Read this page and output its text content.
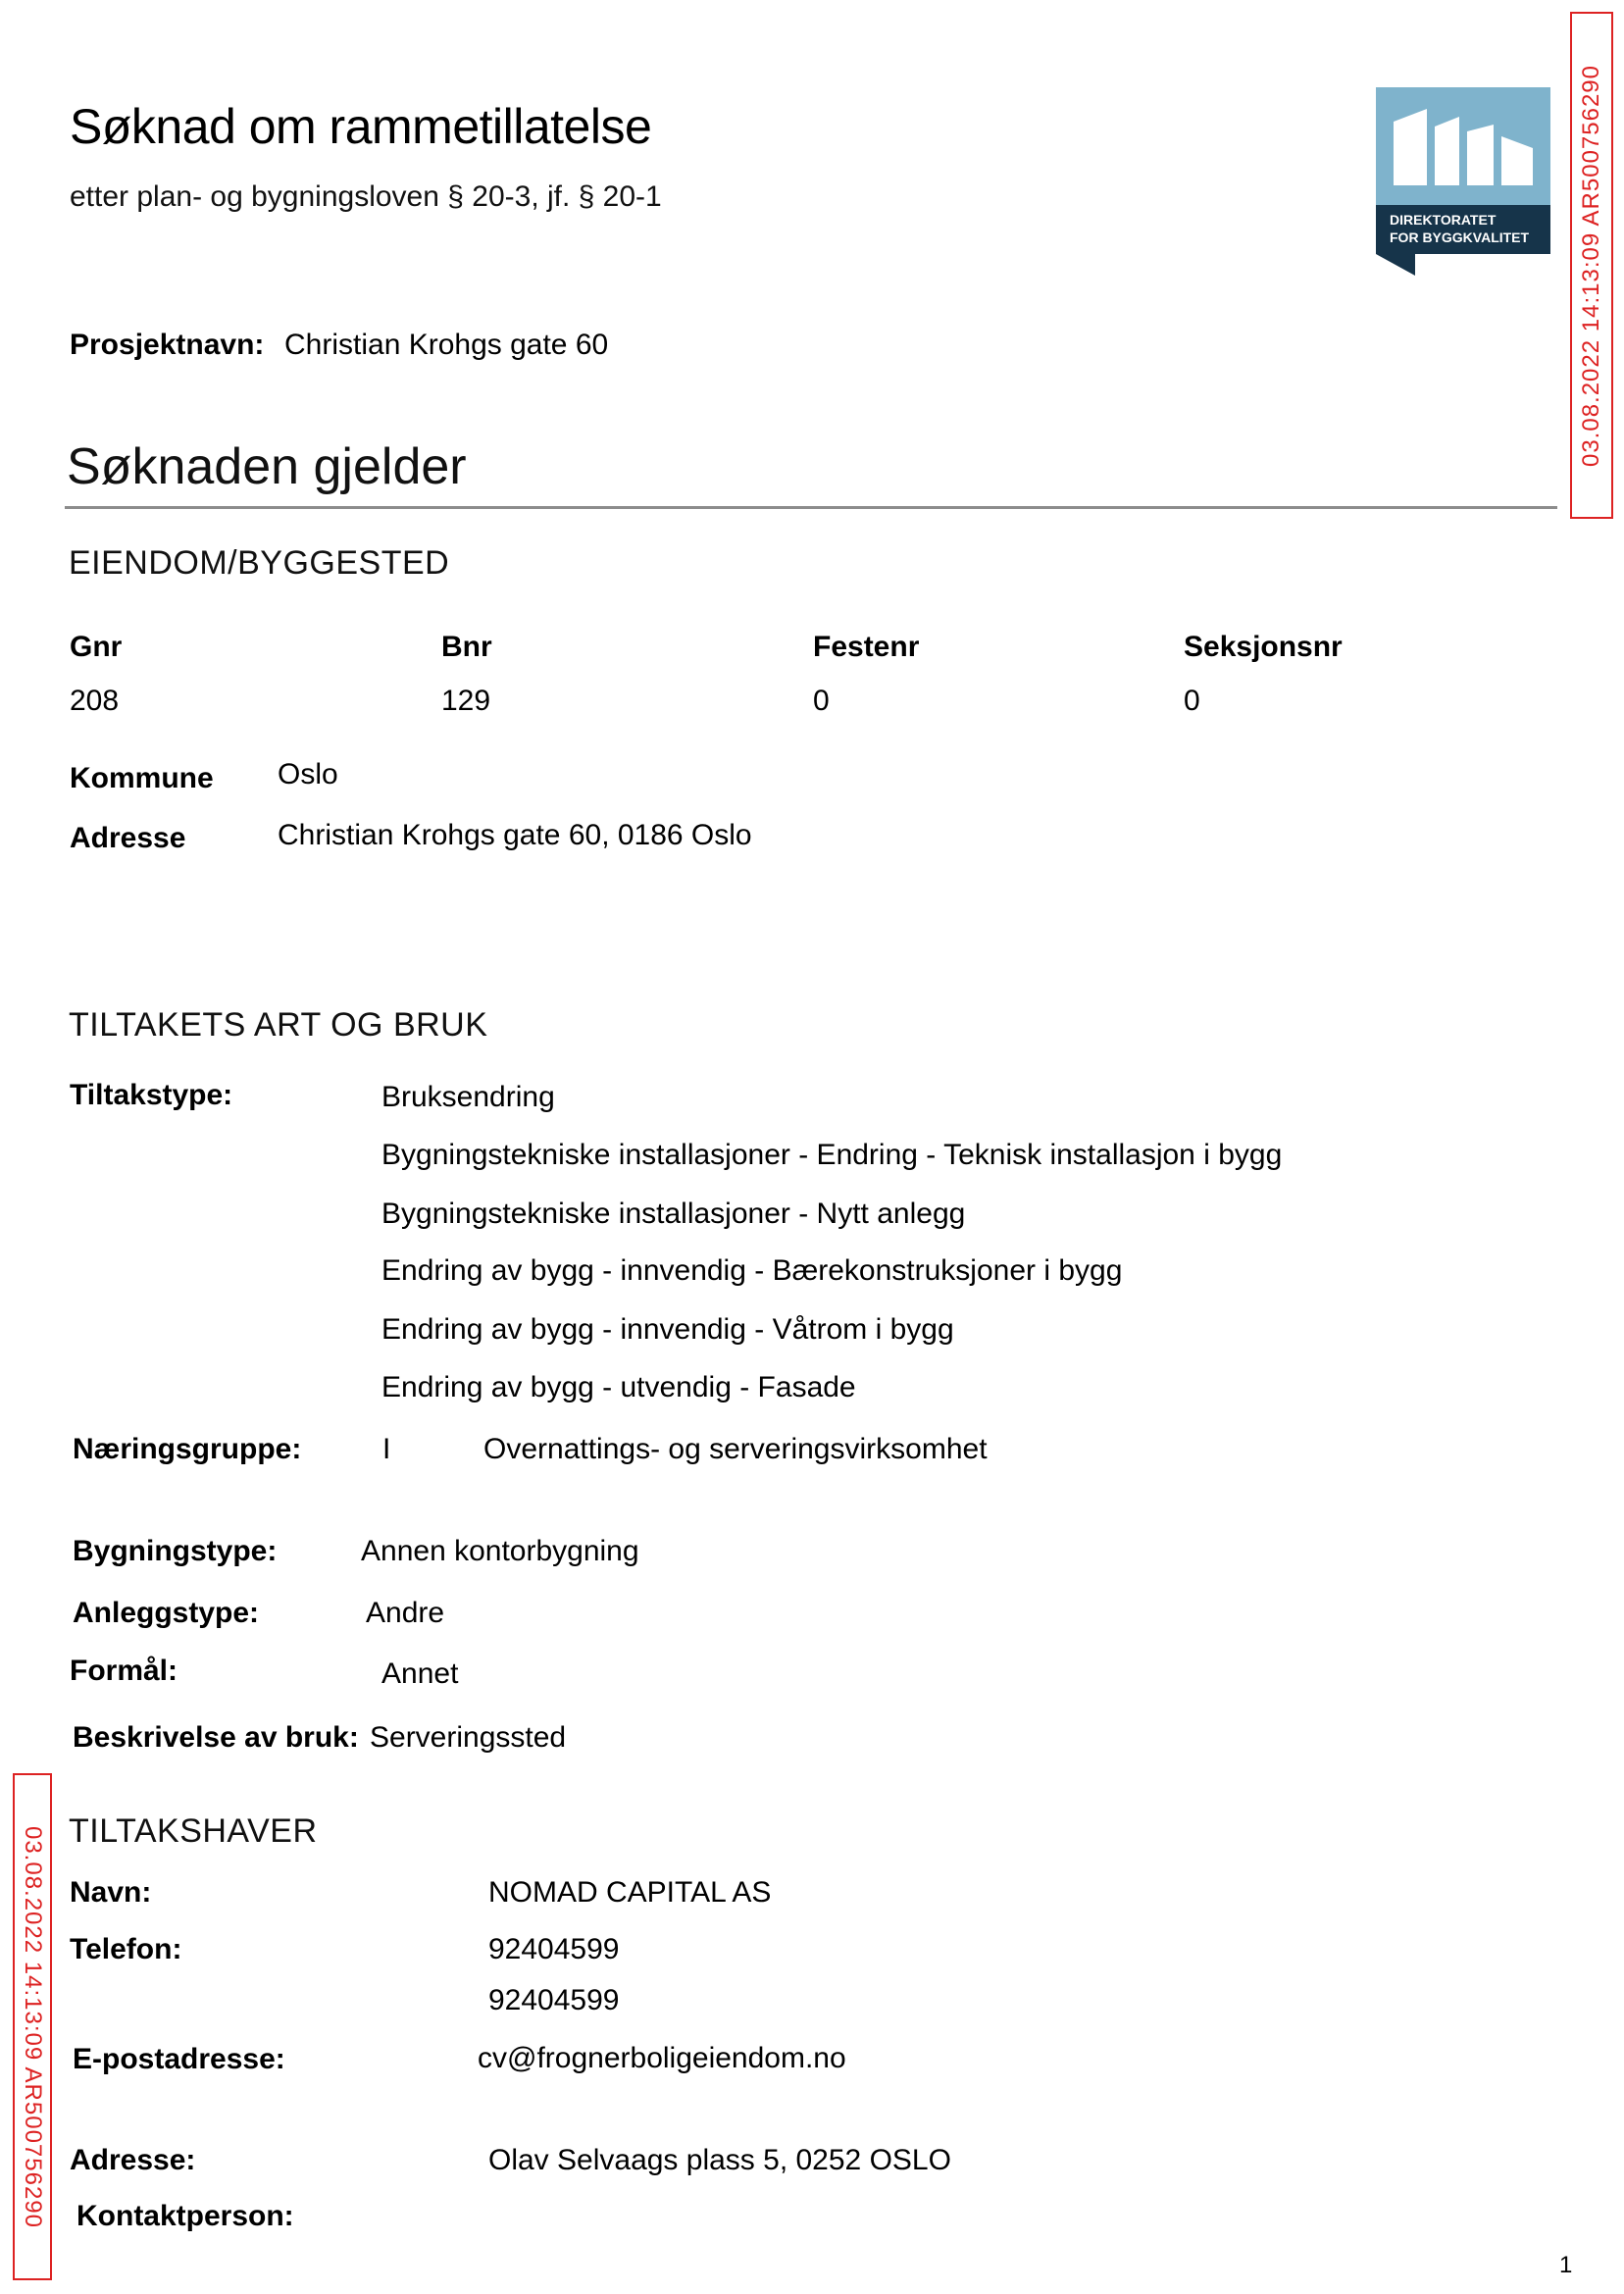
Søknad om rammetillatelse
etter plan- og bygningsloven § 20-3, jf. § 20-1
DIREKTORATET
FOR BYGGKVALITET
Prosjektnavn: Christian Krohgs gate 60
Søknaden gjelder
EIENDOM/BYGGESTED
Gnr	Bnr	Festenr	Seksjonsnr
208	129	0	0
Kommune Oslo
Adresse	Christian Krohgs gate 60, 0186 Oslo
TILTAKETS ART OG BRUK
Tiltakstype:	Bruksendring
Bygningstekniske installasjoner - Endring - Teknisk installasjon i bygg
Bygningstekniske installasjoner - Nytt anlegg
Endring av bygg - innvendig - Bærekonstruksjoner i bygg
Endring av bygg - innvendig - Våtrom i bygg
Endring av bygg - utvendig - Fasade
Næringsgruppe:	I	Overnattings- og serveringsvirksomhet
Bygningstype:	Annen kontorbygning
Anleggstype:	Andre
Formål:	Annet
Beskrivelse av bruk: Serveringssted
TILTAKSHAVER
Navn:	NOMAD CAPITAL AS
Telefon:	92404599
92404599
E-postadresse:	cv@frognerboligeiendom.no
Adresse:	Olav Selvaags plass 5, 0252 OSLO
Kontaktperson:
03.08.2022 14:13:09 AR500756290
03.08.2022 14:13:09 AR500756290
1
